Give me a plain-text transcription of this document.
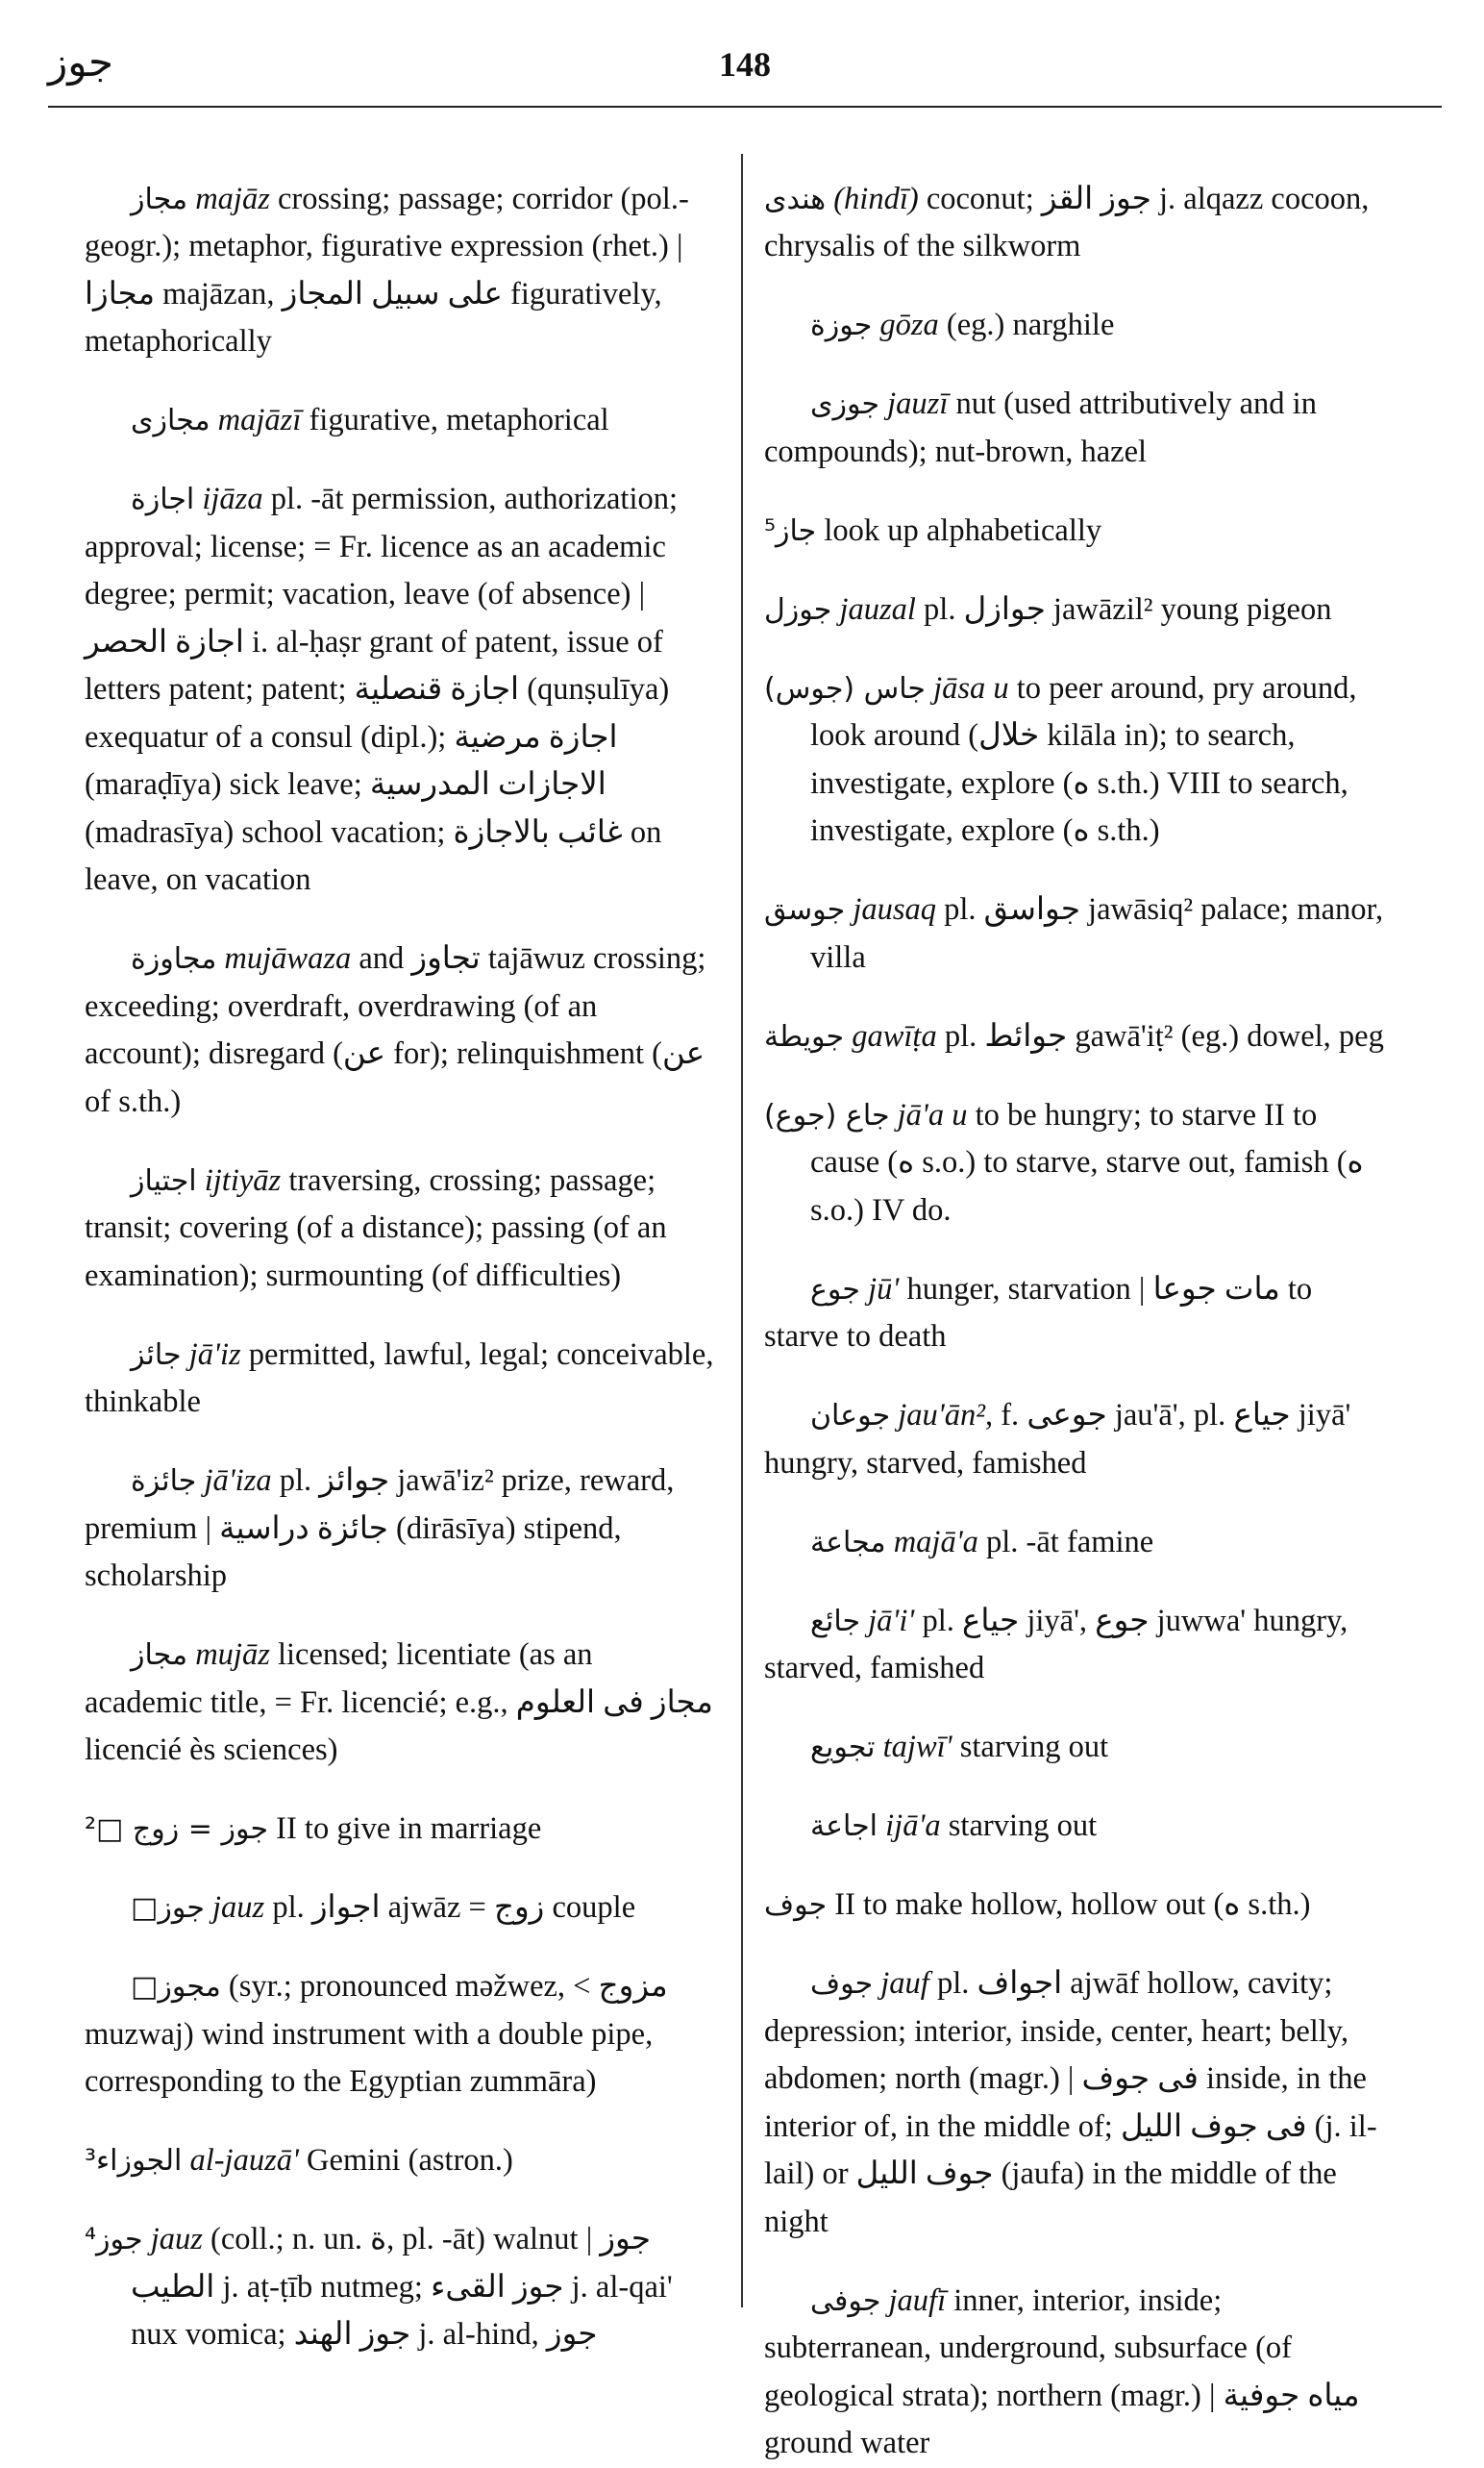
جوز	148

مجاز majāz crossing; passage; corridor (pol.-geogr.); metaphor, figurative expression (rhet.) | مجازا majāzan, على سبيل المجاز figuratively, metaphorically

مجازى majāzī figurative, metaphorical

اجازة ijāza pl. -āt permission, authorization; approval; license; = Fr. licence as an academic degree; permit; vacation, leave (of absence) | اجازة الحصر i. al-ḥaṣr grant of patent, issue of letters patent; patent; اجازة قنصلية (qunṣulīya) exequatur of a consul (dipl.); اجازة مرضية (maraḍīya) sick leave; الاجازات المدرسية (madrasīya) school vacation; غائب بالاجازة on leave, on vacation

مجاوزة mujāwaza and تجاوز tajāwuz crossing; exceeding; overdraft, overdrawing (of an account); disregard (عن for); relinquishment (عن of s.th.)

اجتياز ijtiyāz traversing, crossing; passage; transit; covering (of a distance); passing (of an examination); surmounting (of difficulties)

جائز jā'iz permitted, lawful, legal; conceivable, thinkable

جائزة jā'iza pl. جوائز jawā'iz² prize, reward, premium | جائزة دراسية (dirāsīya) stipend, scholarship

مجاز mujāz licensed; licentiate (as an academic title, = Fr. licencié; e.g., مجاز فى العلوم licencié ès sciences)

²□ جوز = زوج II to give in marriage

□جوز jauz pl. اجواز ajwāz = زوج couple

□مجوز (syr.; pronounced məžwez, < مزوج muzwaj) wind instrument with a double pipe, corresponding to the Egyptian zummāra)

³الجوزاء al-jauzā' Gemini (astron.)

⁴جوز jauz (coll.; n. un. ة, pl. -āt) walnut | جوز الطيب j. aṭ-ṭīb nutmeg; جوز القىء j. al-qai' nux vomica; جوز الهند j. al-hind, جوز

هندى (hindī) coconut; جوز القز j. alqazz cocoon, chrysalis of the silkworm

جوزة gōza (eg.) narghile

جوزى jauzī nut (used attributively and in compounds); nut-brown, hazel

⁵جاز look up alphabetically

جوزل jauzal pl. جوازل jawāzil² young pigeon

(جوس) جاس jāsa u to peer around, pry around, look around (خلال kilāla in); to search, investigate, explore (ه s.th.) VIII to search, investigate, explore (ه s.th.)

جوسق jausaq pl. جواسق jawāsiq² palace; manor, villa

جويطة gawīṭa pl. جوائط gawā'iṭ² (eg.) dowel, peg

(جوع) جاع jā'a u to be hungry; to starve II to cause (ه s.o.) to starve, starve out, famish (ه s.o.) IV do.

جوع jū' hunger, starvation | مات جوعا to starve to death

جوعان jau'ān², f. جوعى jau'ā', pl. جياع jiyā' hungry, starved, famished

مجاعة majā'a pl. -āt famine

جائع jā'i' pl. جياع jiyā', جوع juwwa' hungry, starved, famished

تجويع tajwī' starving out

اجاعة ijā'a starving out

جوف II to make hollow, hollow out (ه s.th.)

جوف jauf pl. اجواف ajwāf hollow, cavity; depression; interior, inside, center, heart; belly, abdomen; north (magr.) | فى جوف inside, in the interior of, in the middle of; فى جوف الليل (j. il-lail) or جوف الليل (jaufa) in the middle of the night

جوفى jaufī inner, interior, inside; subterranean, underground, subsurface (of geological strata); northern (magr.) | مياه جوفية ground water
